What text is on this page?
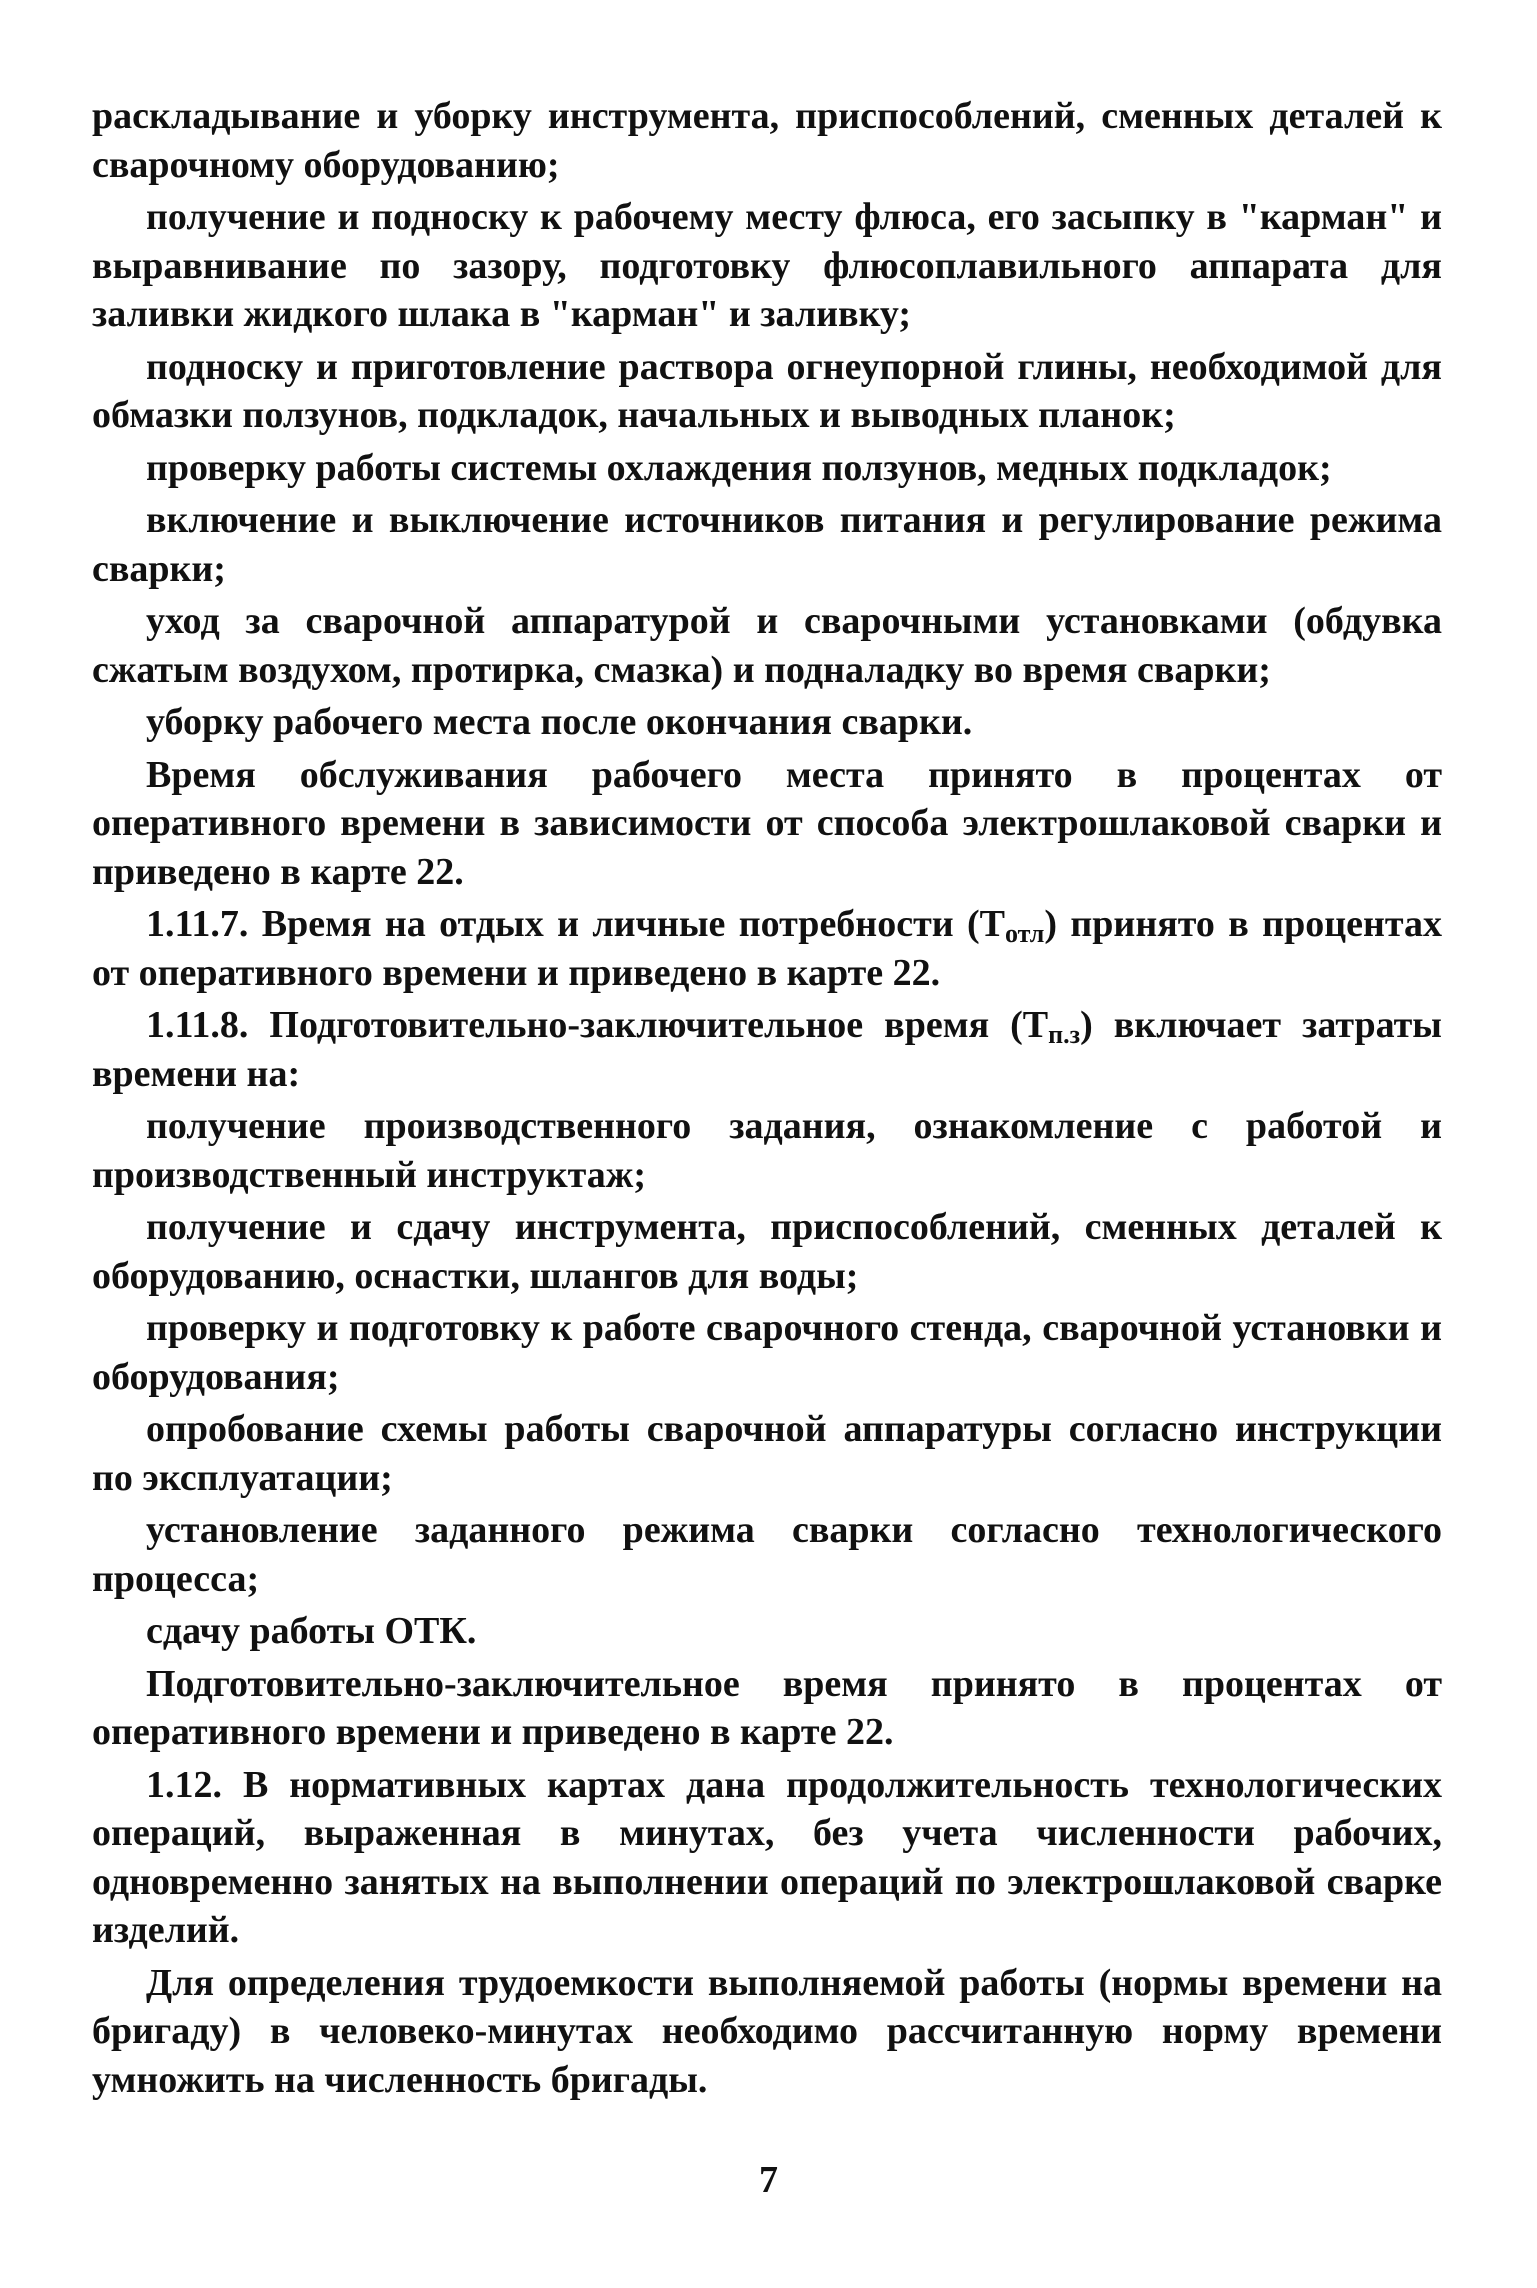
раскладывание и уборку инструмента, приспособлений, сменных деталей к сварочному оборудованию;

получение и подноску к рабочему месту флюса, его засыпку в "карман" и выравнивание по зазору, подготовку флюсоплавильного аппарата для заливки жидкого шлака в "карман" и заливку;

подноску и приготовление раствора огнеупорной глины, необходимой для обмазки ползунов, подкладок, начальных и выводных планок;

проверку работы системы охлаждения ползунов, медных подкладок;

включение и выключение источников питания и регулирование режима сварки;

уход за сварочной аппаратурой и сварочными установками (обдувка сжатым воздухом, протирка, смазка) и подналадку во время сварки;

уборку рабочего места после окончания сварки.

Время обслуживания рабочего места принято в процентах от оперативного времени в зависимости от способа электрошлаковой сварки и приведено в карте 22.

1.11.7. Время на отдых и личные потребности $(Т_{отл})$ принято в процентах от оперативного времени и приведено в карте 22.

1.11.8. Подготовительно-заключительное время $(Т_{п.з})$ включает затраты времени на:

получение производственного задания, ознакомление с работой и производственный инструктаж;

получение и сдачу инструмента, приспособлений, сменных деталей к оборудованию, оснастки, шлангов для воды;

проверку и подготовку к работе сварочного стенда, сварочной установки и оборудования;

опробование схемы работы сварочной аппаратуры согласно инструкции по эксплуатации;

установление заданного режима сварки согласно технологического процесса;

сдачу работы ОТК.

Подготовительно-заключительное время принято в процентах от оперативного времени и приведено в карте 22.

1.12. В нормативных картах дана продолжительность технологических операций, выраженная в минутах, без учета численности рабочих, одновременно занятых на выполнении операций по электрошлаковой сварке изделий.

Для определения трудоемкости выполняемой работы (нормы времени на бригаду) в человеко-минутах необходимо рассчитанную норму времени умножить на численность бригады.

7
